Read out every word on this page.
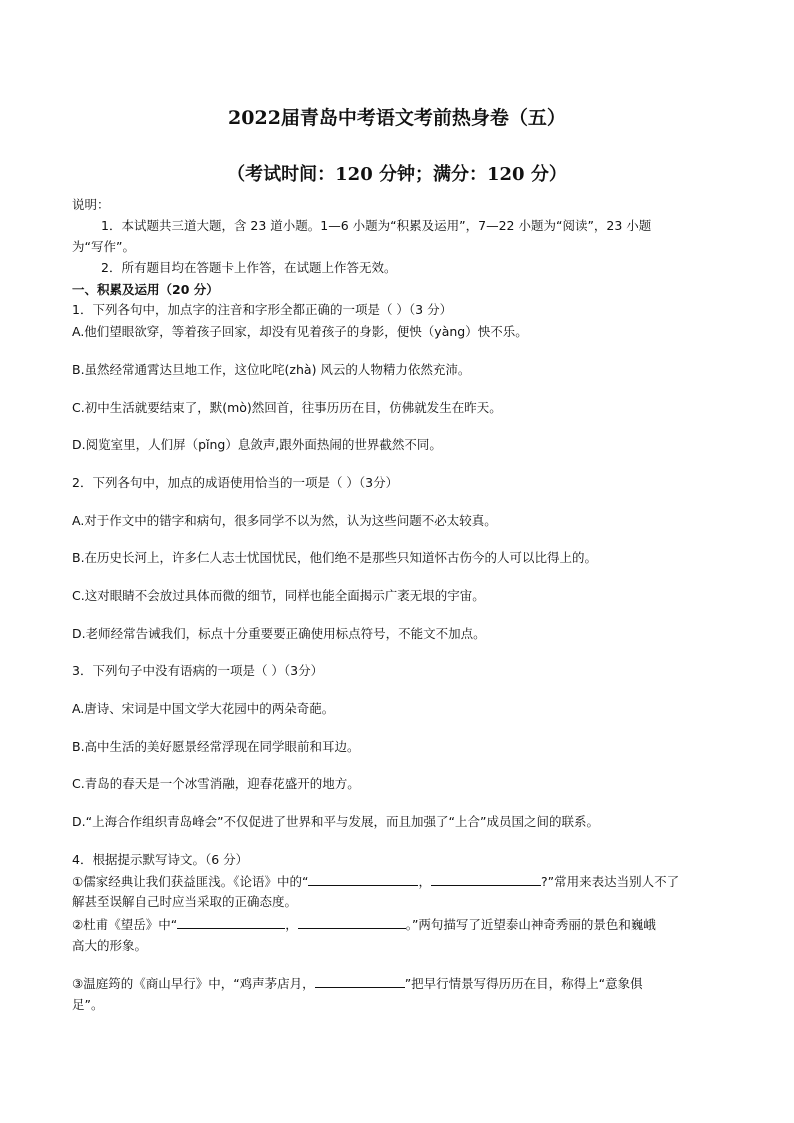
2022届青岛中考语文考前热身卷（五）
（考试时间：120 分钟；满分：120 分）
说明：
1．本试题共三道大题，含 23 道小题。1—6 小题为“积累及运用”，7—22 小题为“阅读”，23 小题
为“写作”。
2．所有题目均在答题卡上作答，在试题上作答无效。
一、积累及运用（20 分）
1．下列各句中，加点字的注音和字形全都正确的一项是（ ）（3 分）
A.他们望眼欲穿，等着孩子回家，却没有见着孩子的身影，便怏（yàng）怏不乐。
B.虽然经常通霄达旦地工作，这位叱咤(zhà) 风云的人物精力依然充沛。
C.初中生活就要结束了，默(mò)然回首，往事历历在目，仿佛就发生在昨天。
D.阅览室里，人们屏（pǐng）息敛声,跟外面热闹的世界截然不同。
2．下列各句中，加点的成语使用恰当的一项是（ ）（3分）
A.对于作文中的错字和病句，很多同学不以为然，认为这些问题不必太较真。
B.在历史长河上，许多仁人志士忧国忧民，他们绝不是那些只知道怀古伤今的人可以比得上的。
C.这对眼睛不会放过具体而微的细节，同样也能全面揭示广袤无垠的宇宙。
D.老师经常告诫我们，标点十分重要要正确使用标点符号，不能文不加点。
3．下列句子中没有语病的一项是（ ）（3分）
A.唐诗、宋词是中国文学大花园中的两朵奇葩。
B.高中生活的美好愿景经常浮现在同学眼前和耳边。
C.青岛的春天是一个冰雪消融，迎春花盛开的地方。
D.“上海合作组织青岛峰会”不仅促进了世界和平与发展，而且加强了“上合”成员国之间的联系。
4．根据提示默写诗文。（6 分）
①儒家经典让我们获益匪浅。《论语》中的“	，	?”常用来表达当别人不了
解甚至误解自己时应当采取的正确态度。
②杜甫《望岳》中“	，	。”两句描写了近望泰山神奇秀丽的景色和巍峨
高大的形象。
③温庭筠的《商山早行》中，“鸡声茅店月，	”把早行情景写得历历在目，称得上“意象俱
足”。
